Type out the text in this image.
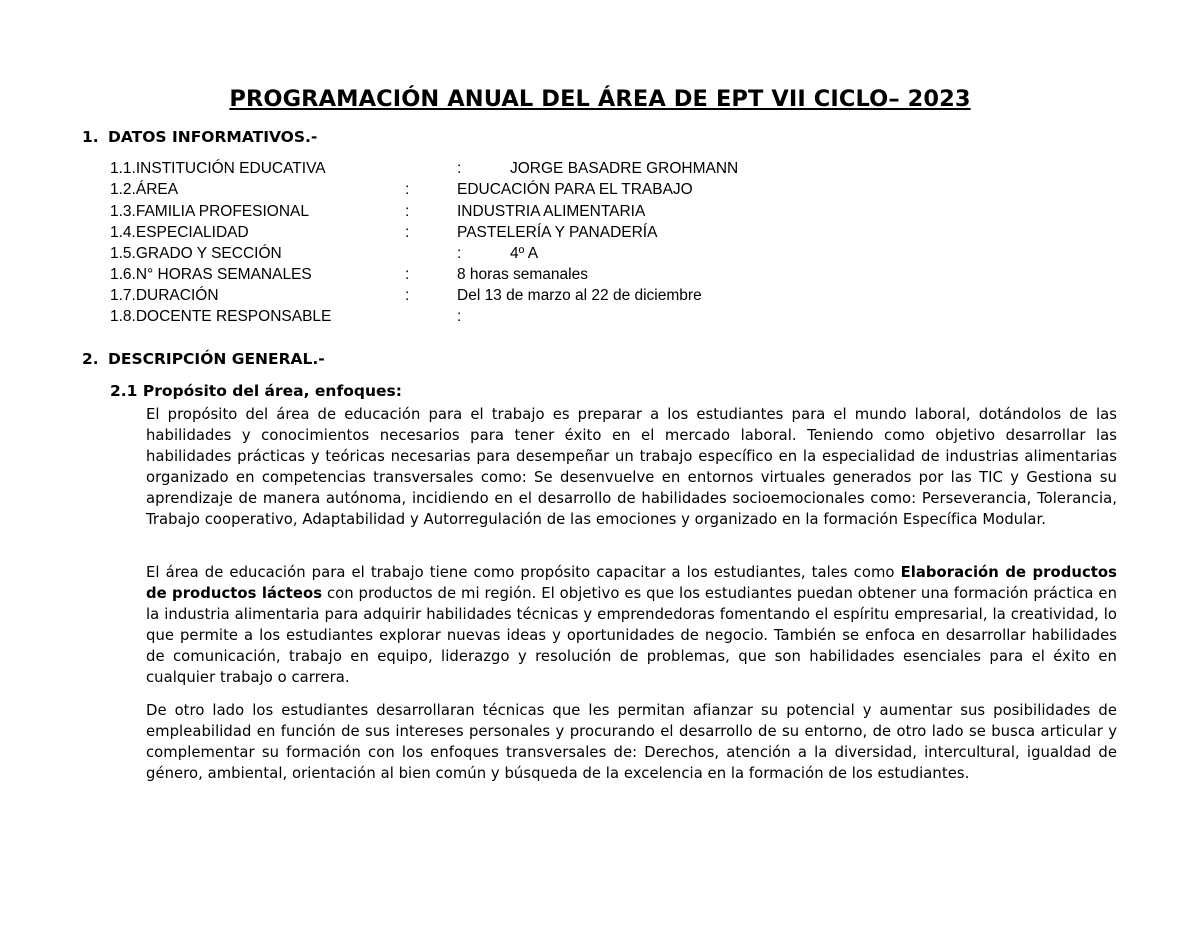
PROGRAMACIÓN ANUAL DEL ÁREA DE EPT VII CICLO– 2023
1. DATOS INFORMATIVOS.-
1.1.INSTITUCIÓN EDUCATIVA	:	JORGE BASADRE GROHMANN
1.2.ÁREA	:	EDUCACIÓN PARA EL TRABAJO
1.3.FAMILIA PROFESIONAL	:	INDUSTRIA ALIMENTARIA
1.4.ESPECIALIDAD	:	PASTELERÍA Y PANADERÍA
1.5.GRADO Y SECCIÓN	:	4º A
1.6.N° HORAS SEMANALES	:	8 horas semanales
1.7.DURACIÓN	:	Del 13 de marzo al 22 de diciembre
1.8.DOCENTE RESPONSABLE	:
2. DESCRIPCIÓN GENERAL.-
2.1 Propósito del área, enfoques:

El propósito del área de educación para el trabajo es preparar a los estudiantes para el mundo laboral, dotándolos de las habilidades y conocimientos necesarios para tener éxito en el mercado laboral. Teniendo como objetivo desarrollar las habilidades prácticas y teóricas necesarias para desempeñar un trabajo específico en la especialidad de industrias alimentarias organizado en competencias transversales como: Se desenvuelve en entornos virtuales generados por las TIC y Gestiona su aprendizaje de manera autónoma, incidiendo en el desarrollo de habilidades socioemocionales como: Perseverancia, Tolerancia, Trabajo cooperativo, Adaptabilidad y Autorregulación de las emociones y organizado en la formación Específica Modular.

El área de educación para el trabajo tiene como propósito capacitar a los estudiantes, tales como Elaboración de productos de productos lácteos con productos de mi región. El objetivo es que los estudiantes puedan obtener una formación práctica en la industria alimentaria para adquirir habilidades técnicas y emprendedoras fomentando el espíritu empresarial, la creatividad, lo que permite a los estudiantes explorar nuevas ideas y oportunidades de negocio. También se enfoca en desarrollar habilidades de comunicación, trabajo en equipo, liderazgo y resolución de problemas, que son habilidades esenciales para el éxito en cualquier trabajo o carrera.

De otro lado los estudiantes desarrollaran técnicas que les permitan afianzar su potencial y aumentar sus posibilidades de empleabilidad en función de sus intereses personales y procurando el desarrollo de su entorno, de otro lado se busca articular y complementar su formación con los enfoques transversales de: Derechos, atención a la diversidad, intercultural, igualdad de género, ambiental, orientación al bien común y búsqueda de la excelencia en la formación de los estudiantes.
